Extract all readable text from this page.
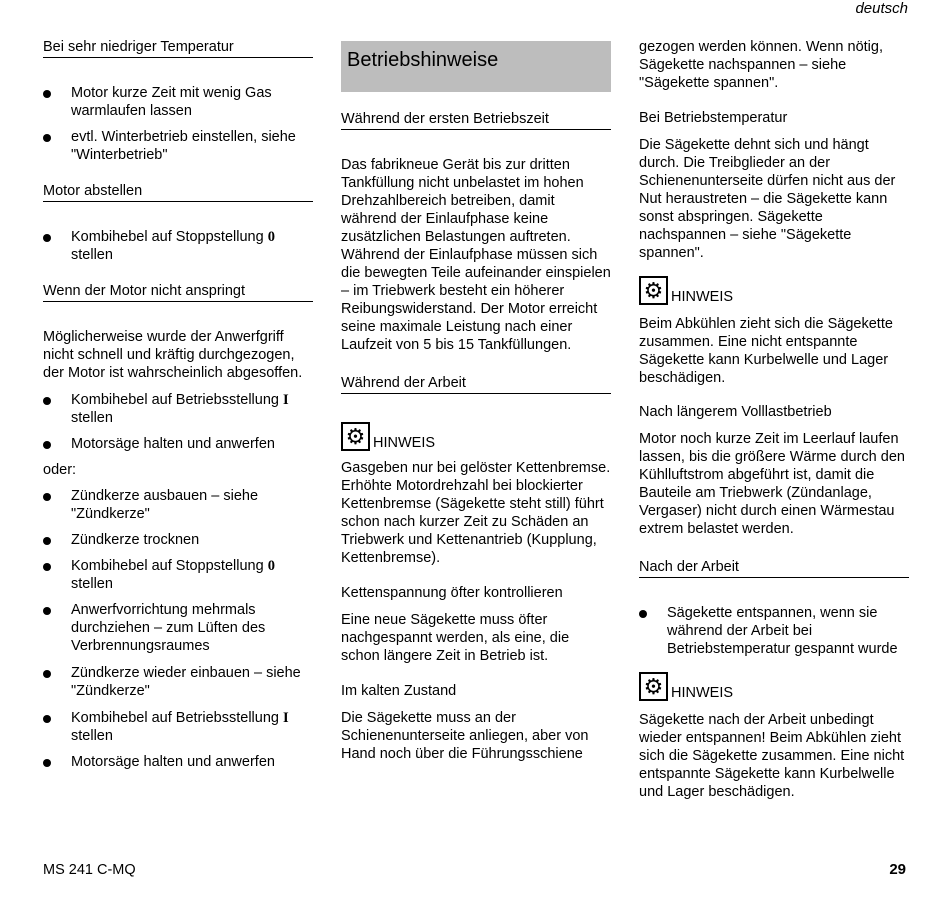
deutsch
Bei sehr niedriger Temperatur
Motor kurze Zeit mit wenig Gas warmlaufen lassen
evtl. Winterbetrieb einstellen, siehe "Winterbetrieb"
Motor abstellen
Kombihebel auf Stoppstellung 0
stellen
Wenn der Motor nicht anspringt

Möglicherweise wurde der Anwerfgriff nicht schnell und kräftig durchgezogen, der Motor ist wahrscheinlich abgesoffen.

Kombihebel auf Betriebsstellung I
stellen
Motorsäge halten und anwerfen

oder:

Zündkerze ausbauen – siehe "Zündkerze"
Zündkerze trocknen
Kombihebel auf Stoppstellung 0
stellen
Anwerfvorrichtung mehrmals durchziehen – zum Lüften des Verbrennungsraumes
Zündkerze wieder einbauen – siehe "Zündkerze"
Kombihebel auf Betriebsstellung I
stellen
Motorsäge halten und anwerfen
Betriebshinweise
Während der ersten Betriebszeit

Das fabrikneue Gerät bis zur dritten Tankfüllung nicht unbelastet im hohen Drehzahlbereich betreiben, damit während der Einlaufphase keine zusätzlichen Belastungen auftreten. Während der Einlaufphase müssen sich die bewegten Teile aufeinander einspielen – im Triebwerk besteht ein höherer Reibungswiderstand. Der Motor erreicht seine maximale Leistung nach einer Laufzeit von 5 bis 15 Tankfüllungen.

Während der Arbeit
⚙ HINWEIS

Gasgeben nur bei gelöster Kettenbremse. Erhöhte Motordrehzahl bei blockierter Kettenbremse (Sägekette steht still) führt schon nach kurzer Zeit zu Schäden an Triebwerk und Kettenantrieb (Kupplung, Kettenbremse).

Kettenspannung öfter kontrollieren

Eine neue Sägekette muss öfter nachgespannt werden, als eine, die schon längere Zeit in Betrieb ist.

Im kalten Zustand

Die Sägekette muss an der Schienenunterseite anliegen, aber von Hand noch über die Führungsschiene

gezogen werden können. Wenn nötig, Sägekette nachspannen – siehe "Sägekette spannen".

Bei Betriebstemperatur

Die Sägekette dehnt sich und hängt durch. Die Treibglieder an der Schienenunterseite dürfen nicht aus der Nut heraustreten – die Sägekette kann sonst abspringen. Sägekette nachspannen – siehe "Sägekette spannen".

⚙ HINWEIS

Beim Abkühlen zieht sich die Sägekette zusammen. Eine nicht entspannte Sägekette kann Kurbelwelle und Lager beschädigen.

Nach längerem Volllastbetrieb

Motor noch kurze Zeit im Leerlauf laufen lassen, bis die größere Wärme durch den Kühlluftstrom abgeführt ist, damit die Bauteile am Triebwerk (Zündanlage, Vergaser) nicht durch einen Wärmestau extrem belastet werden.

Nach der Arbeit
Sägekette entspannen, wenn sie während der Arbeit bei Betriebstemperatur gespannt wurde
⚙ HINWEIS

Sägekette nach der Arbeit unbedingt wieder entspannen! Beim Abkühlen zieht sich die Sägekette zusammen. Eine nicht entspannte Sägekette kann Kurbelwelle und Lager beschädigen.

MS 241 C-MQ	29
